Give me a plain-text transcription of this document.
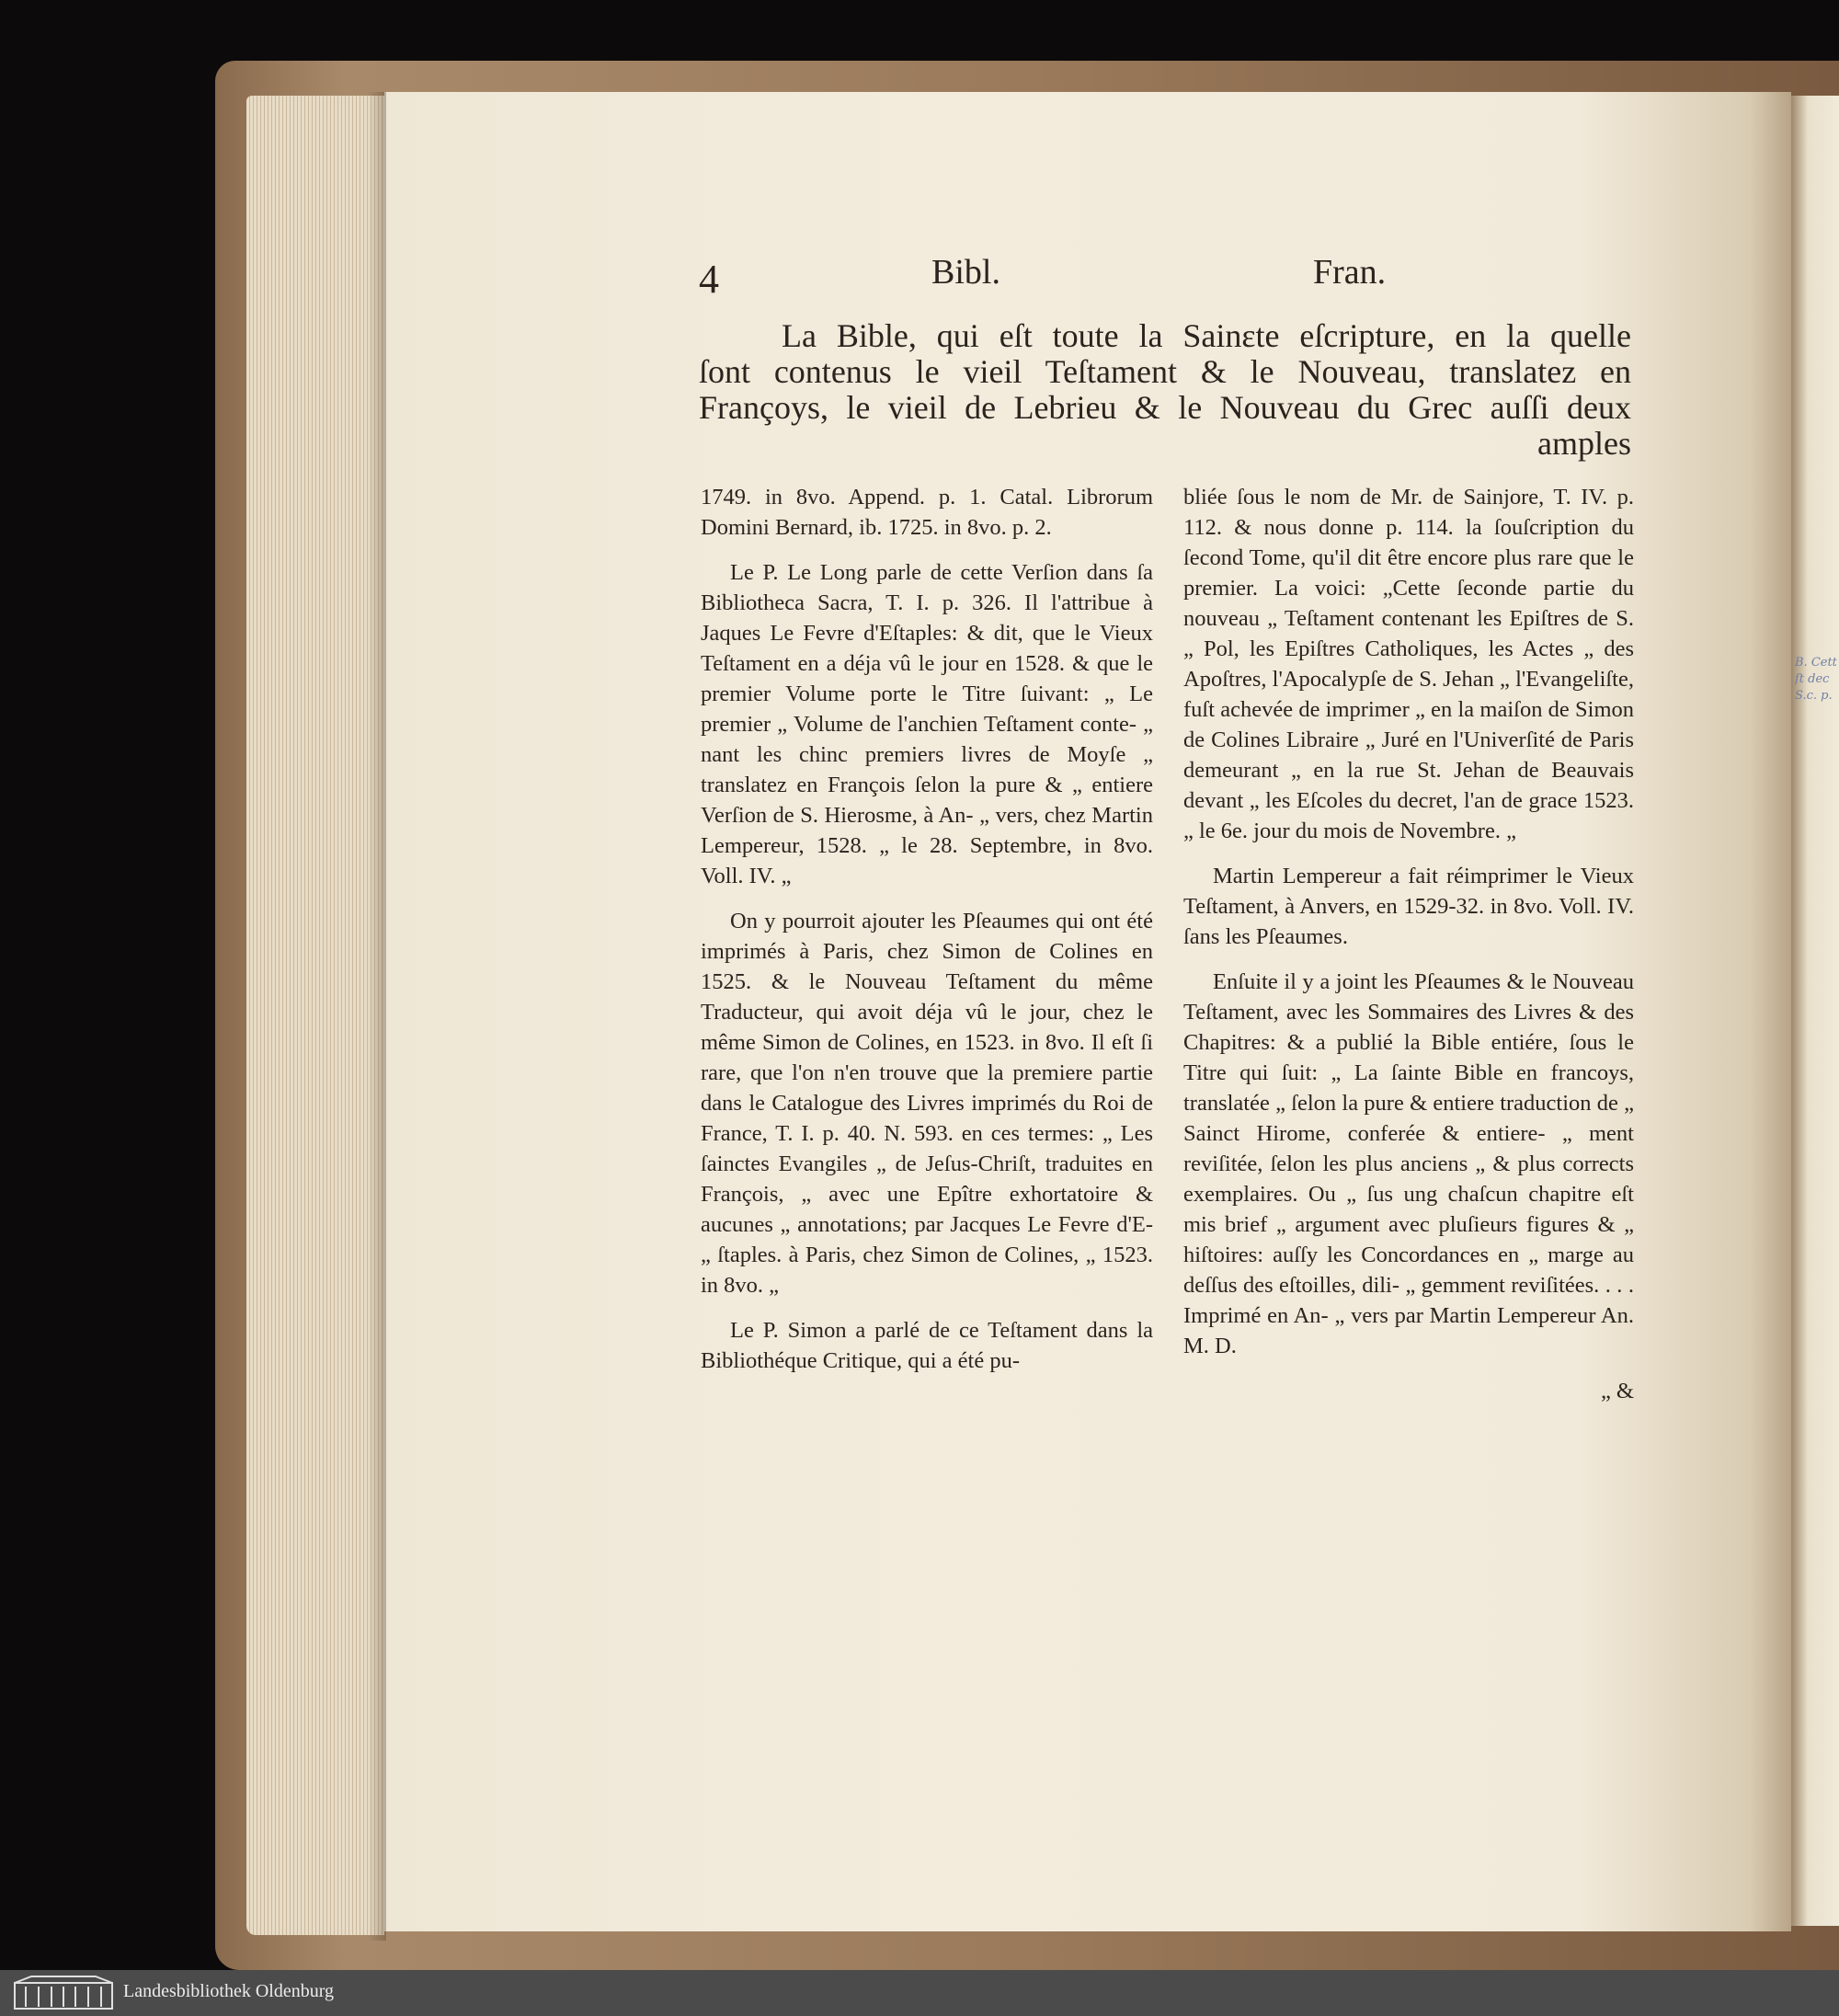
B. Cett
ſt dec
S.c. p.
4	Bibl.	Fran.
La Bible, qui eſt toute la Sainɛte eſcripture, en la quelle
ſont contenus le vieil Teſtament & le Nouveau, translatez en
Françoys, le vieil de Lebrieu & le Nouveau du Grec auſſi deux
amples

1749. in 8vo. Append. p. 1. Catal. Librorum Domini Bernard, ib. 1725. in 8vo. p. 2.

Le P. Le Long parle de cette Verſion dans ſa Bibliotheca Sacra, T. I. p. 326. Il l'attribue à Jaques Le Fevre d'Eſtaples: & dit, que le Vieux Teſtament en a déja vû le jour en 1528. & que le premier Volume porte le Titre ſuivant: „ Le premier „ Volume de l'anchien Teſtament conte- „ nant les chinc premiers livres de Moyſe „ translatez en François ſelon la pure & „ entiere Verſion de S. Hierosme, à An- „ vers, chez Martin Lempereur, 1528. „ le 28. Septembre, in 8vo. Voll. IV. „

On y pourroit ajouter les Pſeaumes qui ont été imprimés à Paris, chez Simon de Colines en 1525. & le Nouveau Teſtament du même Traducteur, qui avoit déja vû le jour, chez le même Simon de Colines, en 1523. in 8vo. Il eſt ſi rare, que l'on n'en trouve que la premiere partie dans le Catalogue des Livres imprimés du Roi de France, T. I. p. 40. N. 593. en ces termes: „ Les ſainctes Evangiles „ de Jeſus-Chriſt, traduites en François, „ avec une Epître exhortatoire & aucunes „ annotations; par Jacques Le Fevre d'E- „ ſtaples. à Paris, chez Simon de Colines, „ 1523. in 8vo. „

Le P. Simon a parlé de ce Teſtament dans la Bibliothéque Critique, qui a été pu-

bliée ſous le nom de Mr. de Sainjore, T. IV. p. 112. & nous donne p. 114. la ſouſcription du ſecond Tome, qu'il dit être encore plus rare que le premier. La voici: „Cette ſeconde partie du nouveau „ Teſtament contenant les Epiſtres de S. „ Pol, les Epiſtres Catholiques, les Actes „ des Apoſtres, l'Apocalypſe de S. Jehan „ l'Evangeliſte, fuſt achevée de imprimer „ en la maiſon de Simon de Colines Libraire „ Juré en l'Univerſité de Paris demeurant „ en la rue St. Jehan de Beauvais devant „ les Eſcoles du decret, l'an de grace 1523. „ le 6e. jour du mois de Novembre. „

Martin Lempereur a fait réimprimer le Vieux Teſtament, à Anvers, en 1529-32. in 8vo. Voll. IV. ſans les Pſeaumes.

Enſuite il y a joint les Pſeaumes & le Nouveau Teſtament, avec les Sommaires des Livres & des Chapitres: & a publié la Bible entiére, ſous le Titre qui ſuit: „ La ſainte Bible en francoys, translatée „ ſelon la pure & entiere traduction de „ Sainct Hirome, conferée & entiere- „ ment reviſitée, ſelon les plus anciens „ & plus corrects exemplaires. Ou „ ſus ung chaſcun chapitre eſt mis brief „ argument avec pluſieurs figures & „ hiſtoires: auſſy les Concordances en „ marge au deſſus des eſtoilles, dili- „ gemment reviſitées. . . . Imprimé en An- „ vers par Martin Lempereur An. M. D.

„ &

Landesbibliothek Oldenburg
